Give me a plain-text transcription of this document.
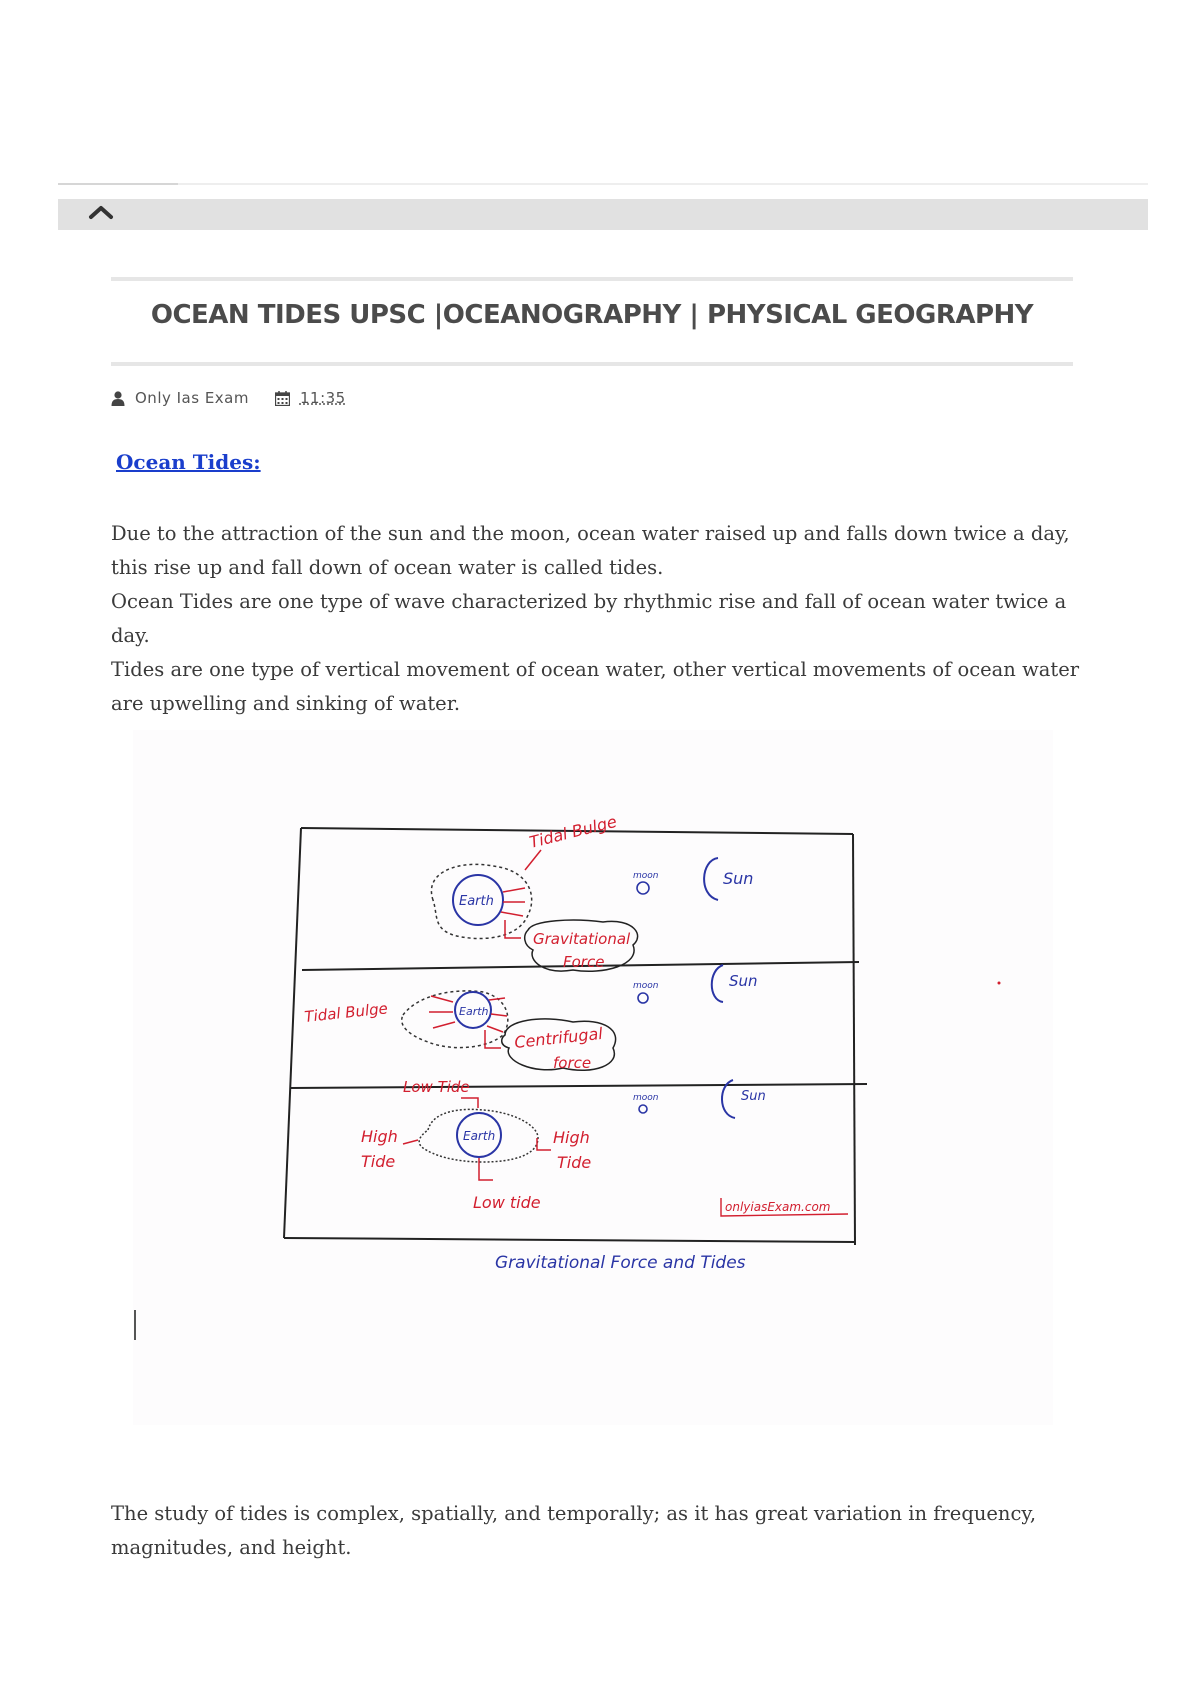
OCEAN TIDES UPSC |OCEANOGRAPHY | PHYSICAL GEOGRAPHY
Only Ias Exam	11:35
Ocean Tides:

Due to the attraction of the sun and the moon, ocean water raised up and falls down twice a day, this rise up and fall down of ocean water is called tides.

Ocean Tides are one type of wave characterized by rhythmic rise and fall of ocean water twice a day.

Tides are one type of vertical movement of ocean water, other vertical movements of ocean water are upwelling and sinking of water.

Earth
Tidal Bulge
Gravitational
Force
moon	Sun
Earth
Tidal Bulge
Centrifugal
force
moon	Sun
Low Tide
Earth
High
Tide
High
Tide
Low tide
moon	Sun
onlyiasExam.com
Gravitational Force and Tides

The study of tides is complex, spatially, and temporally; as it has great variation in frequency, magnitudes, and height.
